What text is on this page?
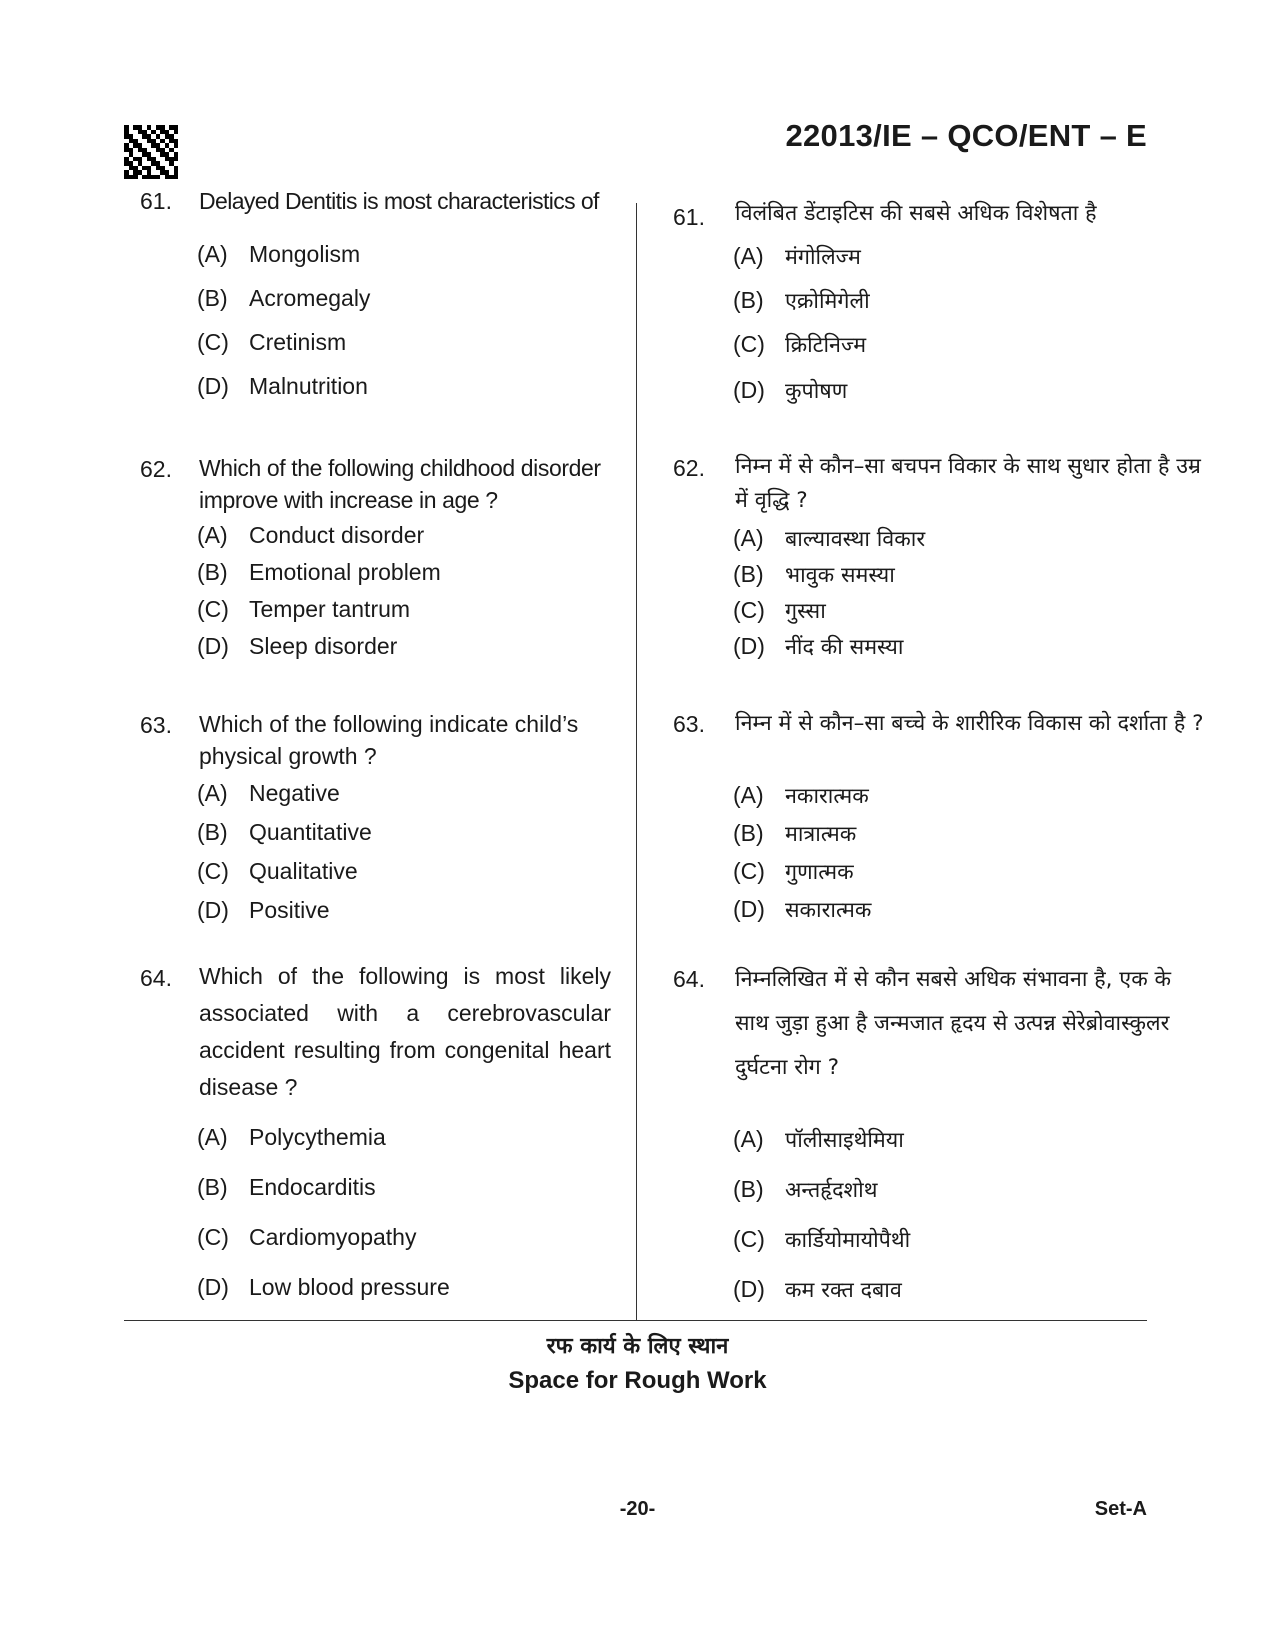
22013/IE – QCO/ENT – E
61. Delayed Dentitis is most characteristics of
(A) Mongolism
(B) Acromegaly
(C) Cretinism
(D) Malnutrition
62. Which of the following childhood disorder improve with increase in age ?
(A) Conduct disorder
(B) Emotional problem
(C) Temper tantrum
(D) Sleep disorder
63. Which of the following indicate child’s physical growth ?
(A) Negative
(B) Quantitative
(C) Qualitative
(D) Positive
64. Which of the following is most likely associated with a cerebrovascular accident resulting from congenital heart disease ?
(A) Polycythemia
(B) Endocarditis
(C) Cardiomyopathy
(D) Low blood pressure
61. विलंबित डेंटाइटिस की सबसे अधिक विशेषता है
(A) मंगोलिज्म
(B) एक्रोमिगेली
(C) क्रिटिनिज्म
(D) कुपोषण
62. निम्न में से कौन–सा बचपन विकार के साथ सुधार होता है उम्र में वृद्धि ?
(A) बाल्यावस्था विकार
(B) भावुक समस्या
(C) गुस्सा
(D) नींद की समस्या
63. निम्न में से कौन–सा बच्चे के शारीरिक विकास को दर्शाता है ?
(A) नकारात्मक
(B) मात्रात्मक
(C) गुणात्मक
(D) सकारात्मक
64. निम्नलिखित में से कौन सबसे अधिक संभावना है, एक के साथ जुड़ा हुआ है जन्मजात हृदय से उत्पन्न सेरेब्रोवास्कुलर दुर्घटना रोग ?
(A) पॉलीसाइथेमिया
(B) अन्तर्हृदशोथ
(C) कार्डियोमायोपैथी
(D) कम रक्त दबाव
रफ कार्य के लिए स्थान
Space for Rough Work
-20-	Set-A
